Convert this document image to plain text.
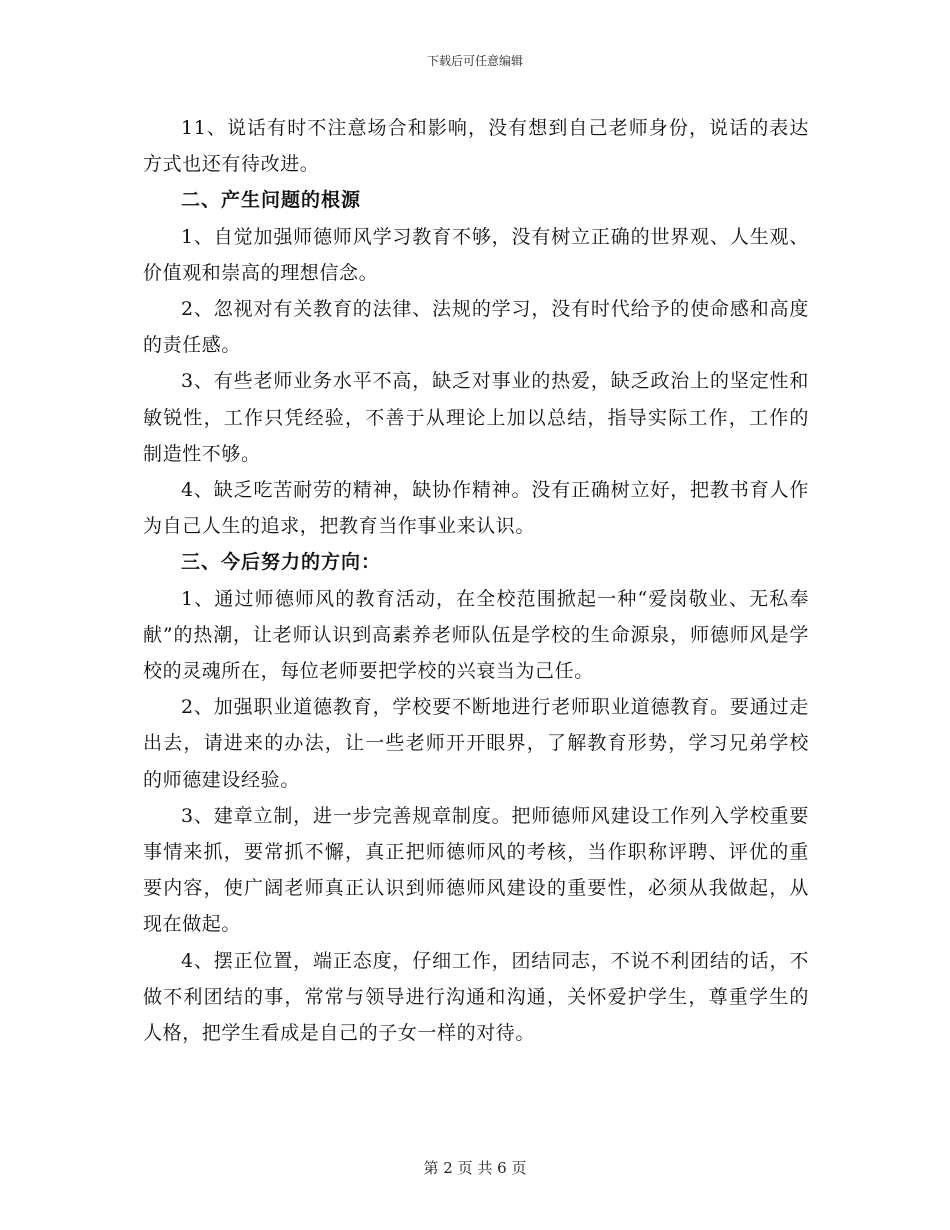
下载后可任意编辑

11、说话有时不注意场合和影响，没有想到自己老师身份，说话的表达方式也还有待改进。

二、产生问题的根源

1、自觉加强师德师风学习教育不够，没有树立正确的世界观、人生观、价值观和崇高的理想信念。

2、忽视对有关教育的法律、法规的学习，没有时代给予的使命感和高度的责任感。

3、有些老师业务水平不高，缺乏对事业的热爱，缺乏政治上的坚定性和敏锐性，工作只凭经验，不善于从理论上加以总结，指导实际工作，工作的制造性不够。

4、缺乏吃苦耐劳的精神，缺协作精神。没有正确树立好，把教书育人作为自己人生的追求，把教育当作事业来认识。

三、今后努力的方向：

1、通过师德师风的教育活动，在全校范围掀起一种“爱岗敬业、无私奉献”的热潮，让老师认识到高素养老师队伍是学校的生命源泉，师德师风是学校的灵魂所在，每位老师要把学校的兴衰当为己任。

2、加强职业道德教育，学校要不断地进行老师职业道德教育。要通过走出去，请进来的办法，让一些老师开开眼界，了解教育形势，学习兄弟学校的师德建设经验。

3、建章立制，进一步完善规章制度。把师德师风建设工作列入学校重要事情来抓，要常抓不懈，真正把师德师风的考核，当作职称评聘、评优的重要内容，使广阔老师真正认识到师德师风建设的重要性，必须从我做起，从现在做起。

4、摆正位置，端正态度，仔细工作，团结同志，不说不利团结的话，不做不利团结的事，常常与领导进行沟通和沟通，关怀爱护学生，尊重学生的人格，把学生看成是自己的子女一样的对待。

第 2 页 共 6 页
